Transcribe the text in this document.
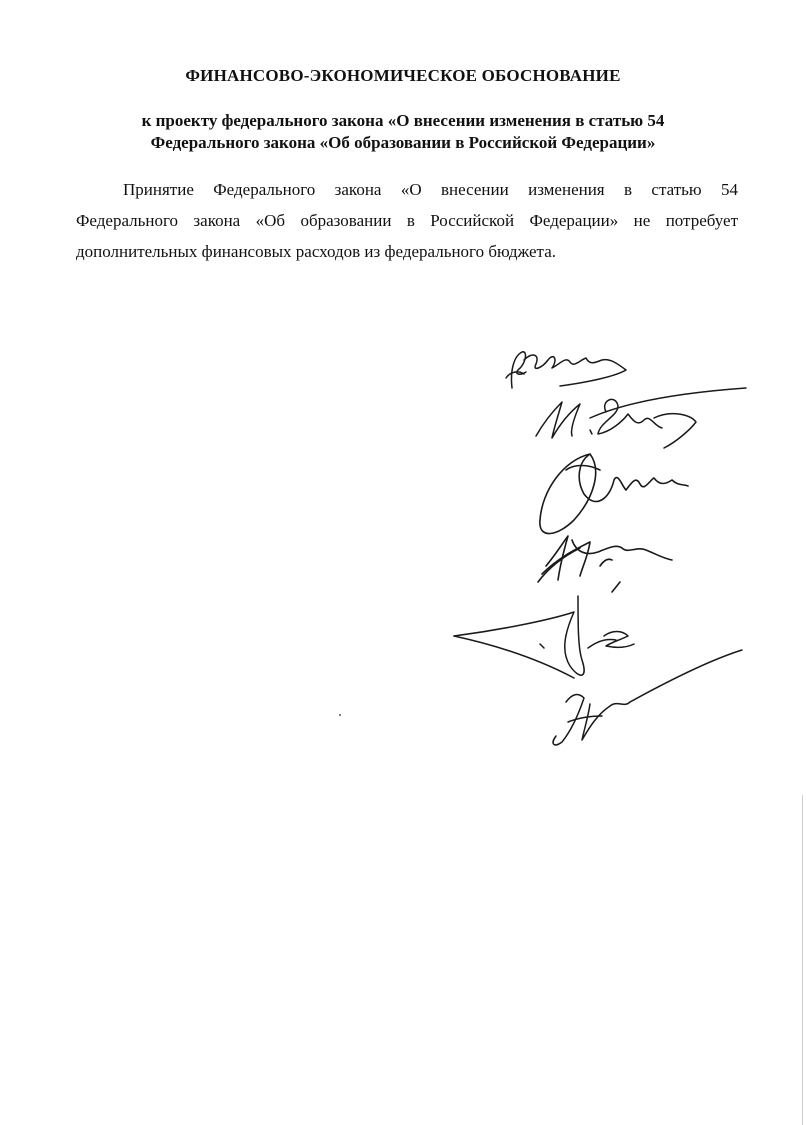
ФИНАНСОВО-ЭКОНОМИЧЕСКОЕ ОБОСНОВАНИЕ
к проекту федерального закона «О внесении изменения в статью 54
Федерального закона «Об образовании в Российской Федерации»

Принятие Федерального закона «О внесении изменения в статью 54
Федерального закона «Об образовании в Российской Федерации» не потребует
дополнительных финансовых расходов из федерального бюджета.
